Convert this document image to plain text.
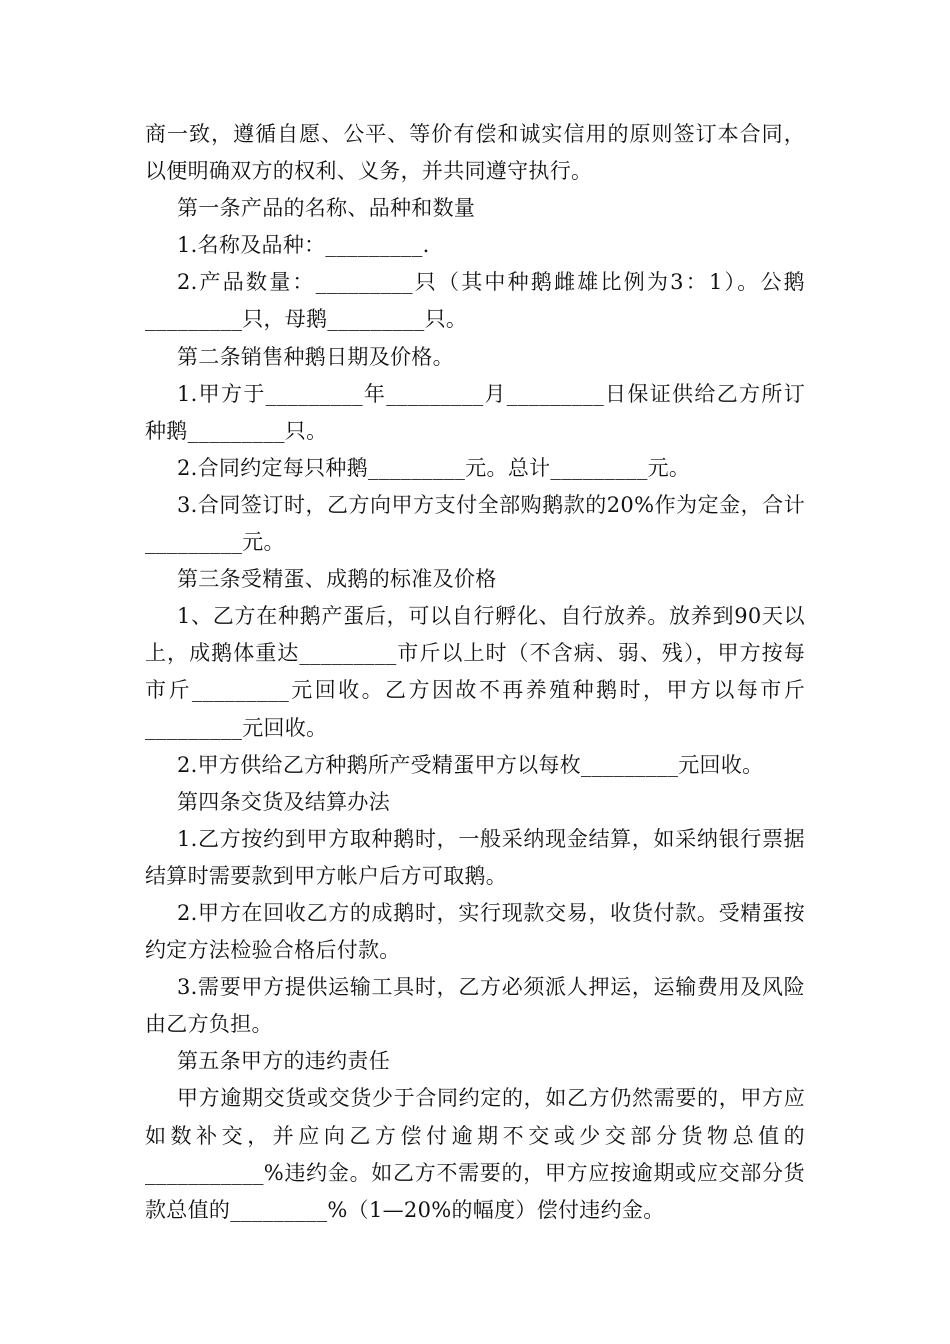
商一致，遵循自愿、公平、等价有偿和诚实信用的原则签订本合同，以便明确双方的权利、义务，并共同遵守执行。

第一条产品的名称、品种和数量

1.名称及品种：_________.

2.产品数量：_________只（其中种鹅雌雄比例为3：1）。公鹅_________只，母鹅_________只。

第二条销售种鹅日期及价格。

1.甲方于_________年_________月_________日保证供给乙方所订种鹅_________只。

2.合同约定每只种鹅_________元。总计_________元。

3.合同签订时，乙方向甲方支付全部购鹅款的20%作为定金，合计_________元。

第三条受精蛋、成鹅的标准及价格

1、乙方在种鹅产蛋后，可以自行孵化、自行放养。放养到90天以上，成鹅体重达_________市斤以上时（不含病、弱、残），甲方按每市斤_________元回收。乙方因故不再养殖种鹅时，甲方以每市斤_________元回收。

2.甲方供给乙方种鹅所产受精蛋甲方以每枚_________元回收。

第四条交货及结算办法

1.乙方按约到甲方取种鹅时，一般采纳现金结算，如采纳银行票据结算时需要款到甲方帐户后方可取鹅。

2.甲方在回收乙方的成鹅时，实行现款交易，收货付款。受精蛋按约定方法检验合格后付款。

3.需要甲方提供运输工具时，乙方必须派人押运，运输费用及风险由乙方负担。

第五条甲方的违约责任

甲方逾期交货或交货少于合同约定的，如乙方仍然需要的，甲方应如数补交，并应向乙方偿付逾期不交或少交部分货物总值的___________%违约金。如乙方不需要的，甲方应按逾期或应交部分货款总值的_________%（1—20%的幅度）偿付违约金。
